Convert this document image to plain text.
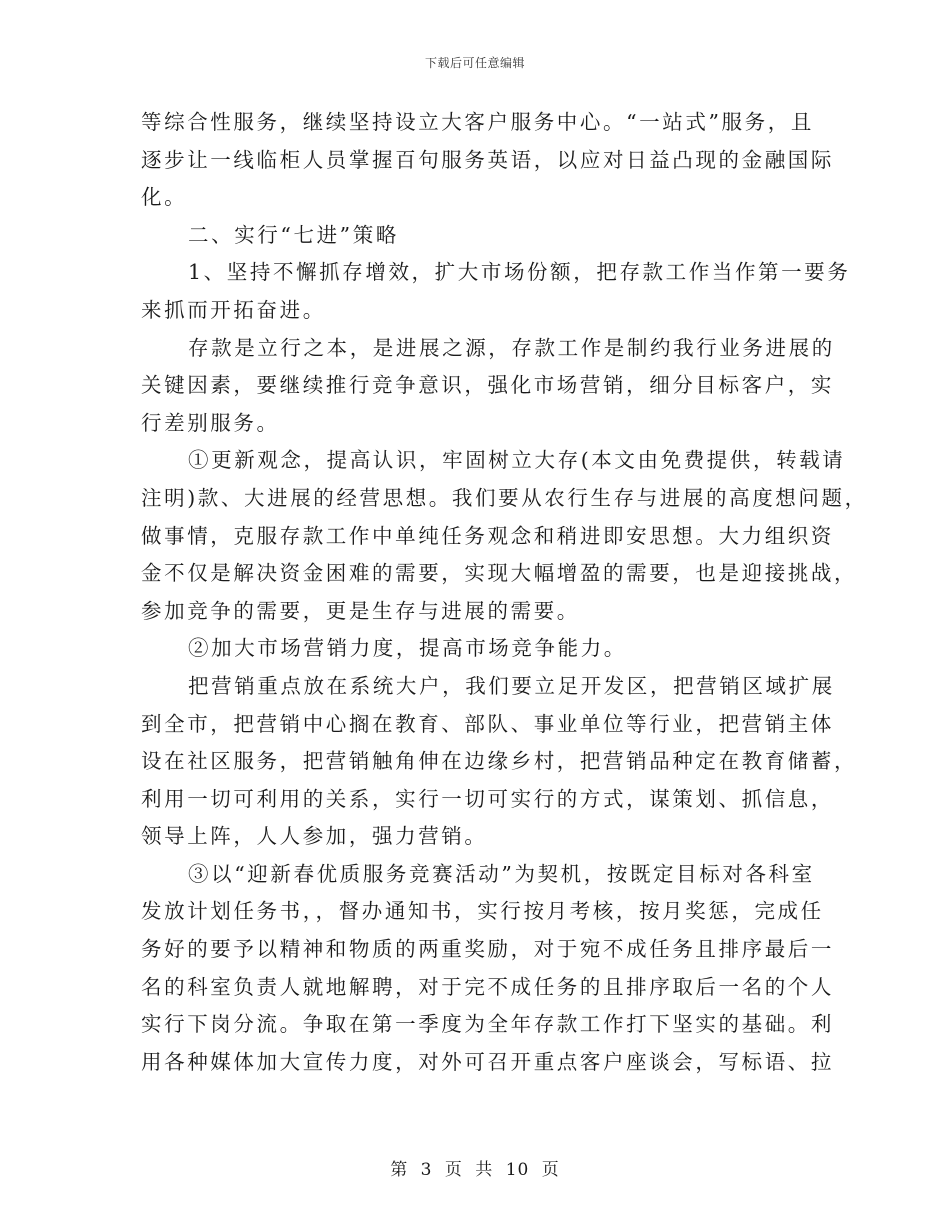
下载后可任意编辑
等综合性服务，继续坚持设立大客户服务中心。“一站式”服务，且
逐步让一线临柜人员掌握百句服务英语，以应对日益凸现的金融国际
化。
二、实行“七进”策略
1、坚持不懈抓存增效，扩大市场份额，把存款工作当作第一要务
来抓而开拓奋进。
存款是立行之本，是进展之源，存款工作是制约我行业务进展的
关键因素，要继续推行竞争意识，强化市场营销，细分目标客户，实
行差别服务。
①更新观念，提高认识，牢固树立大存(本文由免费提供，转载请
注明)款、大进展的经营思想。我们要从农行生存与进展的高度想问题，
做事情，克服存款工作中单纯任务观念和稍进即安思想。大力组织资
金不仅是解决资金困难的需要，实现大幅增盈的需要，也是迎接挑战，
参加竞争的需要，更是生存与进展的需要。
②加大市场营销力度，提高市场竞争能力。
把营销重点放在系统大户，我们要立足开发区，把营销区域扩展
到全市，把营销中心搁在教育、部队、事业单位等行业，把营销主体
设在社区服务，把营销触角伸在边缘乡村，把营销品种定在教育储蓄，
利用一切可利用的关系，实行一切可实行的方式，谋策划、抓信息，
领导上阵，人人参加，强力营销。
③以“迎新春优质服务竞赛活动”为契机，按既定目标对各科室
发放计划任务书，，督办通知书，实行按月考核，按月奖惩，完成任
务好的要予以精神和物质的两重奖励，对于宛不成任务且排序最后一
名的科室负责人就地解聘，对于完不成任务的且排序取后一名的个人
实行下岗分流。争取在第一季度为全年存款工作打下坚实的基础。利
用各种媒体加大宣传力度，对外可召开重点客户座谈会，写标语、拉
第 3 页 共 10 页
